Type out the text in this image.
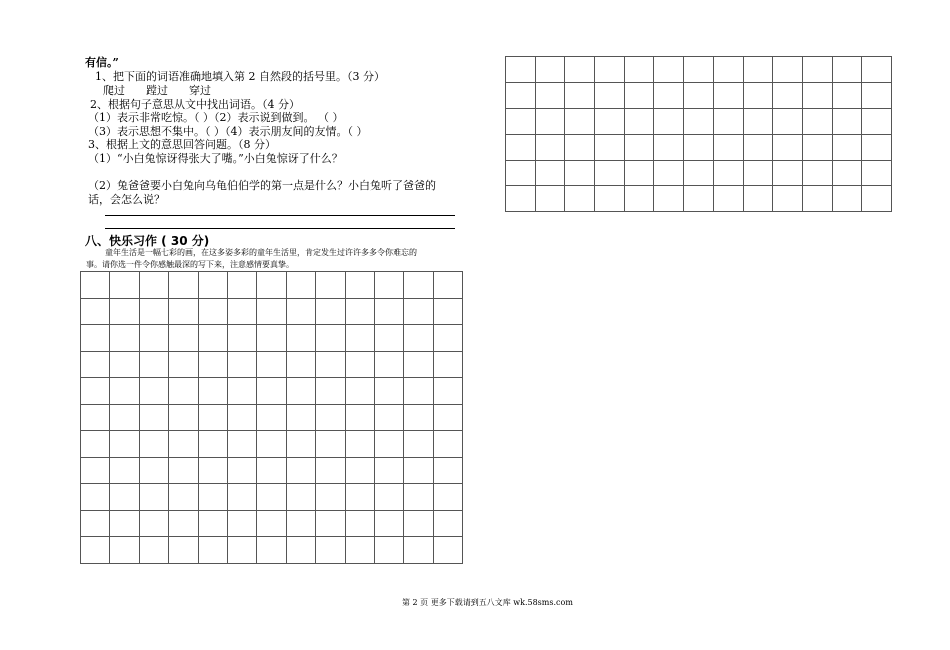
有信。”
1、把下面的词语准确地填入第 2 自然段的括号里。（3 分）
爬过 蹚过 穿过
2、根据句子意思从文中找出词语。（4 分）
（1）表示非常吃惊。（ ）（2）表示说到做到。 （ ）
（3）表示思想不集中。（ ）（4）表示朋友间的友情。（ ）
3、根据上文的意思回答问题。（8 分）
（1）“小白兔惊讶得张大了嘴。”小白兔惊讶了什么？
（2）兔爸爸要小白兔向乌龟伯伯学的第一点是什么？小白兔听了爸爸的
话，会怎么说？
八、快乐习作 ( 30 分)
童年生活是一幅七彩的画，在这多姿多彩的童年生活里，肯定发生过许许多多令你难忘的
事。请你选一件令你感触最深的写下来，注意感情要真挚。

第 2 页 更多下载请到五八文库 wk.58sms.com
